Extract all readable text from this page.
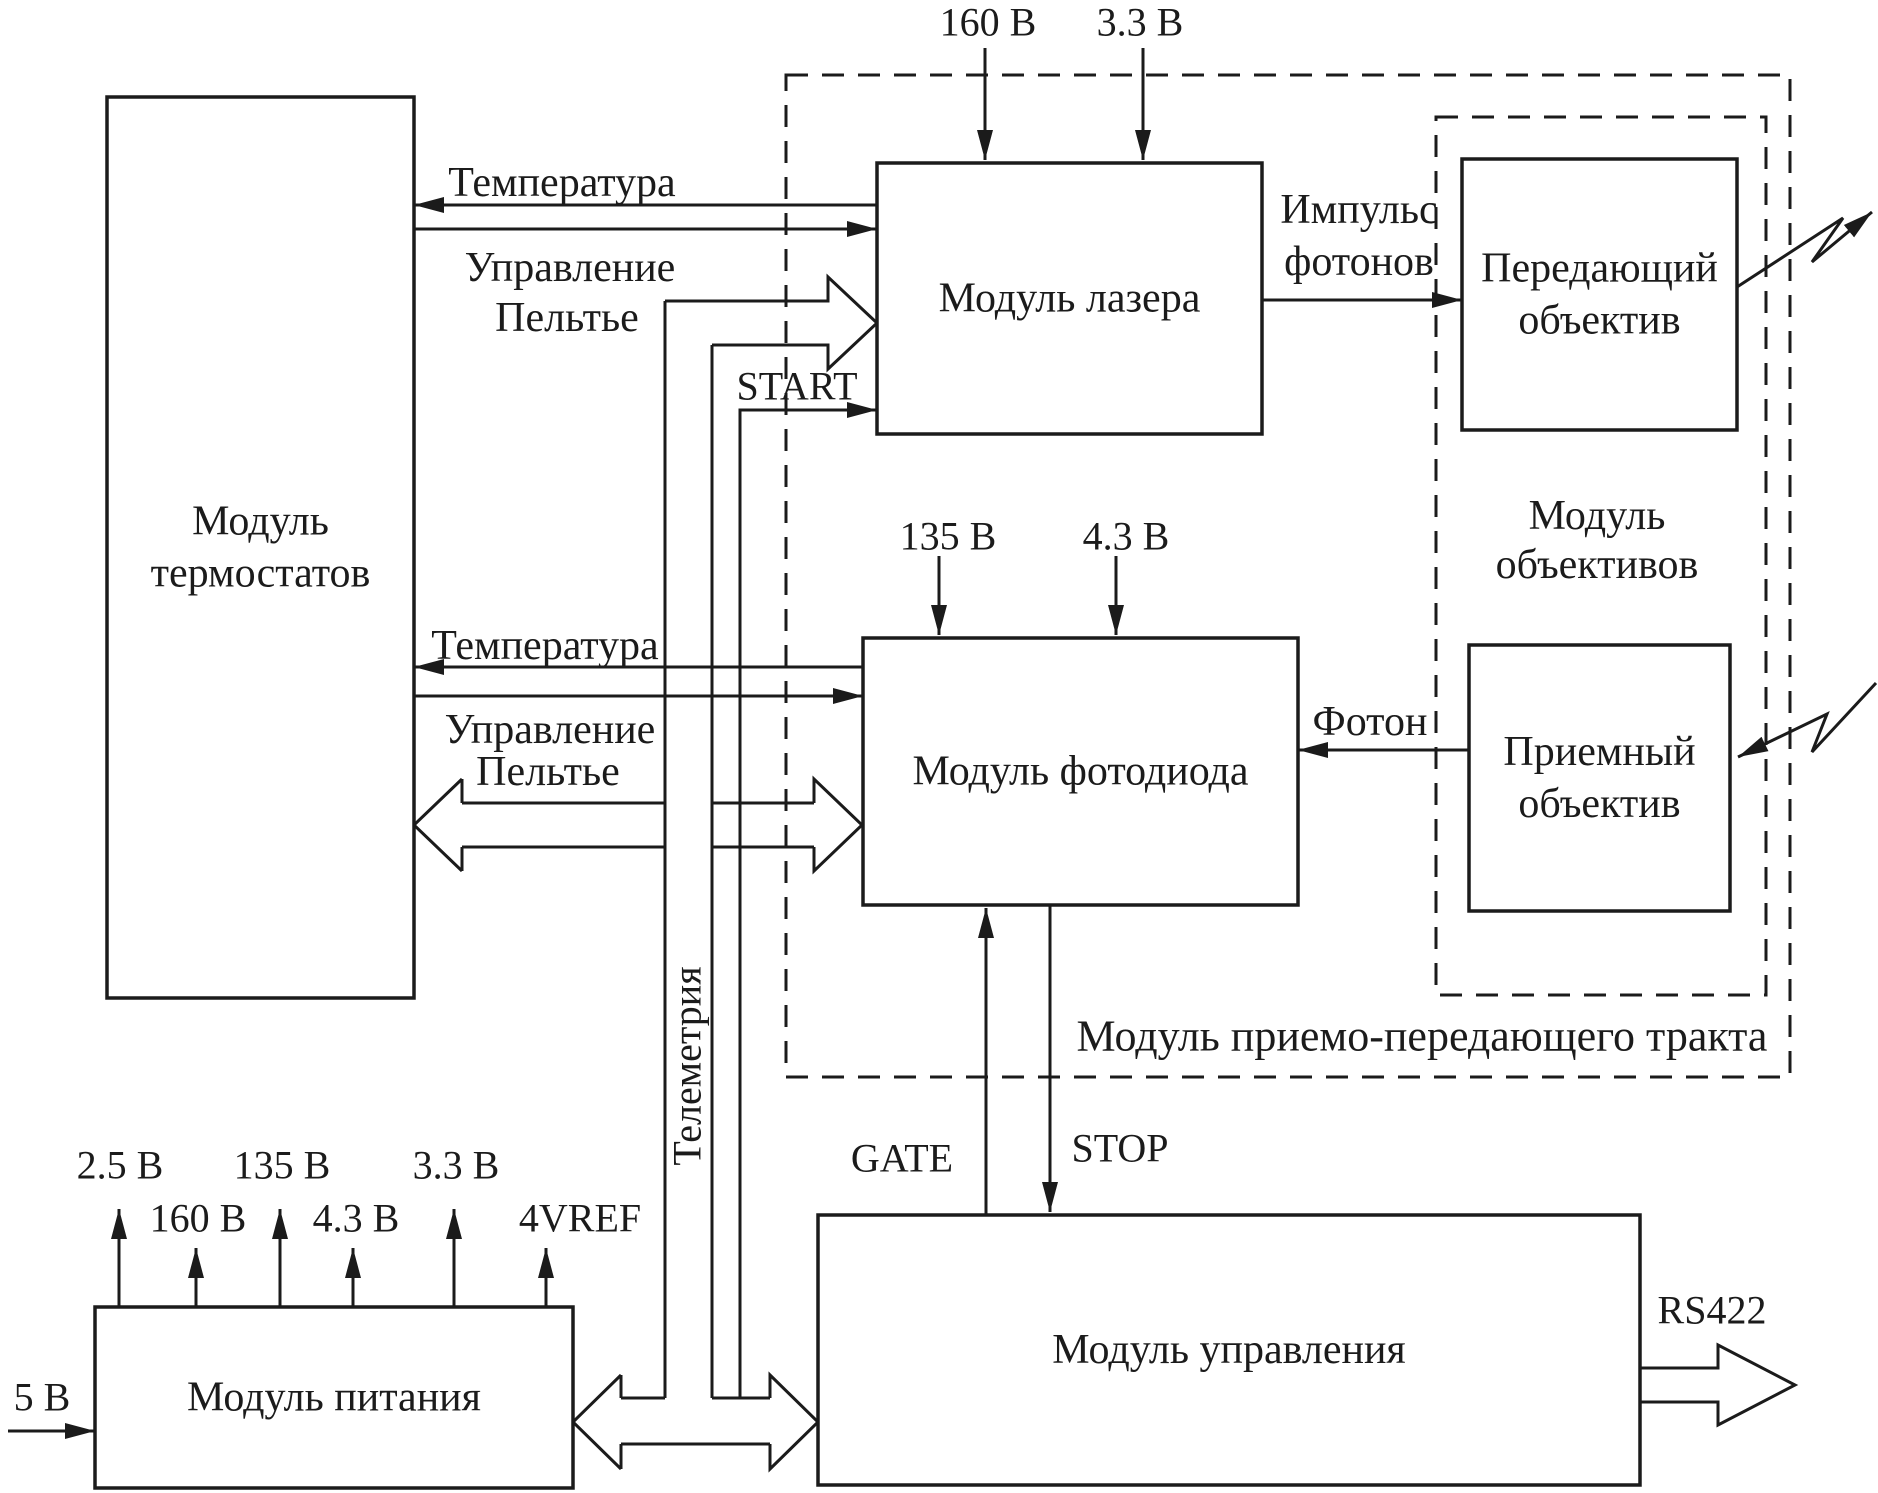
Модуль
термостатов
Модуль лазера
Модуль фотодиода
Передающий
объектив
Приемный
объектив
Модуль питания
Модуль управления
Температура
Управление
Пельтье
START
160 В 3.3 В
Импульс
фотонов
135 В 4.3 В
Температура
Управление
Пельтье
Фотон
Модуль
объективов
Модуль приемо-передающего тракта
Телеметрия	GATE	STOP
RS422
2.5 В
160 В
135 В
4.3 В
3.3 В
4VREF
5 В
